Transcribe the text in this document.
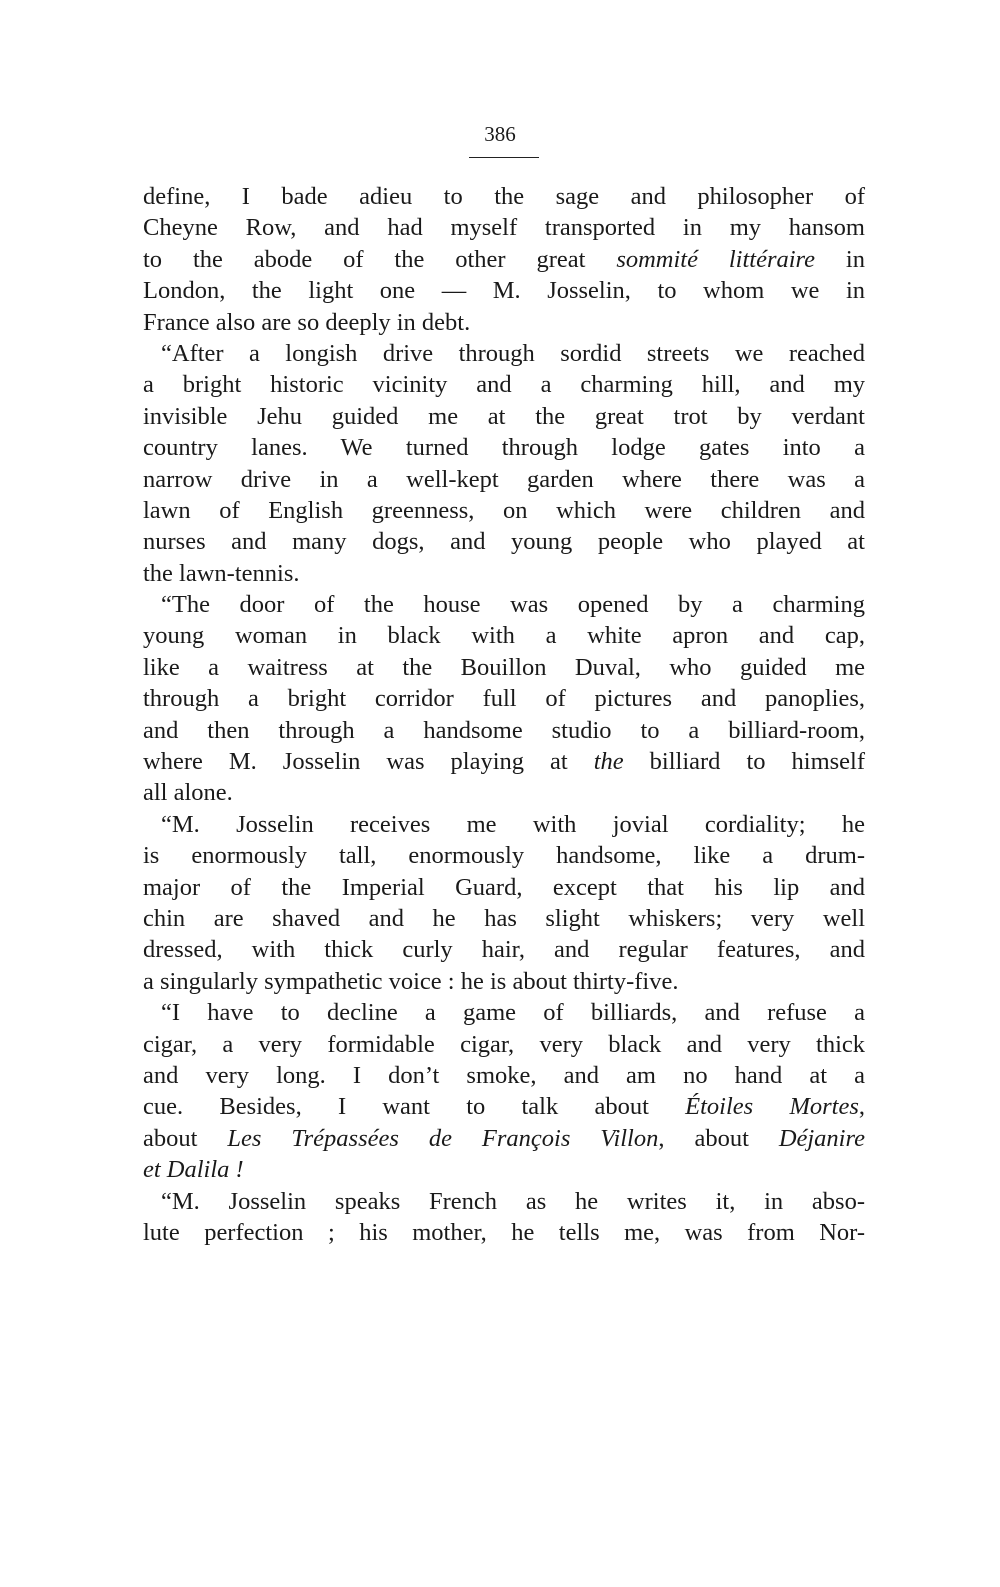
386
define, I bade adieu to the sage and philosopher of
Cheyne Row, and had myself transported in my hansom
to the abode of the other great sommité littéraire in
London, the light one — M. Josselin, to whom we in
France also are so deeply in debt.
“After a longish drive through sordid streets we reached
a bright historic vicinity and a charming hill, and my
invisible Jehu guided me at the great trot by verdant
country lanes. We turned through lodge gates into a
narrow drive in a well-kept garden where there was a
lawn of English greenness, on which were children and
nurses and many dogs, and young people who played at
the lawn-tennis.
“The door of the house was opened by a charming
young woman in black with a white apron and cap,
like a waitress at the Bouillon Duval, who guided me
through a bright corridor full of pictures and panoplies,
and then through a handsome studio to a billiard-room,
where M. Josselin was playing at the billiard to himself
all alone.
“M. Josselin receives me with jovial cordiality; he
is enormously tall, enormously handsome, like a drum-
major of the Imperial Guard, except that his lip and
chin are shaved and he has slight whiskers; very well
dressed, with thick curly hair, and regular features, and
a singularly sympathetic voice : he is about thirty-five.
“I have to decline a game of billiards, and refuse a
cigar, a very formidable cigar, very black and very thick
and very long. I don’t smoke, and am no hand at a
cue. Besides, I want to talk about Étoiles Mortes,
about Les Trépassées de François Villon, about Déjanire
et Dalila !
“M. Josselin speaks French as he writes it, in abso-
lute perfection ; his mother, he tells me, was from Nor-
